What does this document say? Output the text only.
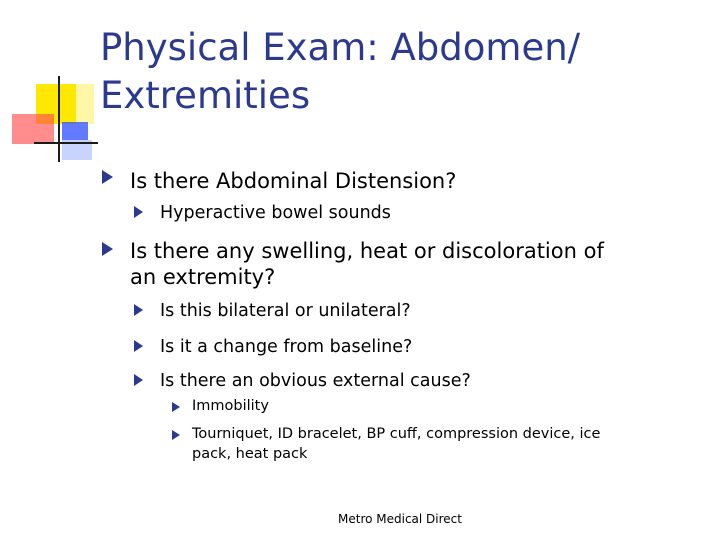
Physical Exam: Abdomen/
Extremities
Is there Abdominal Distension?
Hyperactive bowel sounds
Is there any swelling, heat or discoloration of
an extremity?
Is this bilateral or unilateral?
Is it a change from baseline?
Is there an obvious external cause?
Immobility
Tourniquet, ID bracelet, BP cuff, compression device, ice
pack, heat pack
Metro Medical Direct
